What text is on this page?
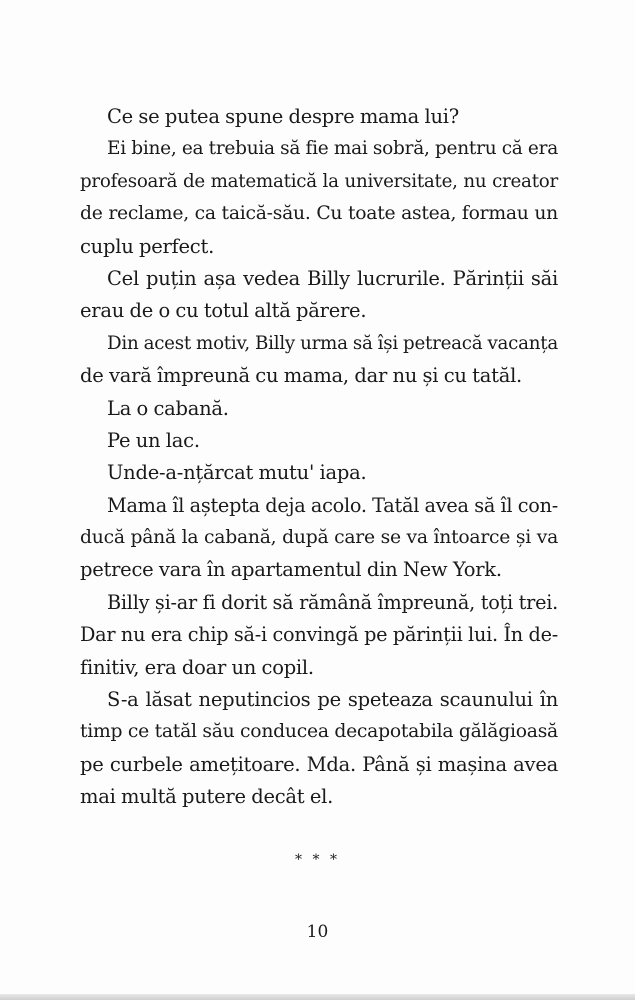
Ce se putea spune despre mama lui?
Ei bine, ea trebuia să fie mai sobră, pentru că era
profesoară de matematică la universitate, nu creator
de reclame, ca taică-său. Cu toate astea, formau un
cuplu perfect.
Cel puțin așa vedea Billy lucrurile. Părinții săi
erau de o cu totul altă părere.
Din acest motiv, Billy urma să își petreacă vacanța
de vară împreună cu mama, dar nu și cu tatăl.
La o cabană.
Pe un lac.
Unde-a-nțărcat mutu' iapa.
Mama îl aștepta deja acolo. Tatăl avea să îl con-
ducă până la cabană, după care se va întoarce și va
petrece vara în apartamentul din New York.
Billy și-ar fi dorit să rămână împreună, toți trei.
Dar nu era chip să-i convingă pe părinții lui. În de-
finitiv, era doar un copil.
S-a lăsat neputincios pe speteaza scaunului în
timp ce tatăl său conducea decapotabila gălăgioasă
pe curbele amețitoare. Mda. Până și mașina avea
mai multă putere decât el.
* * *
10
